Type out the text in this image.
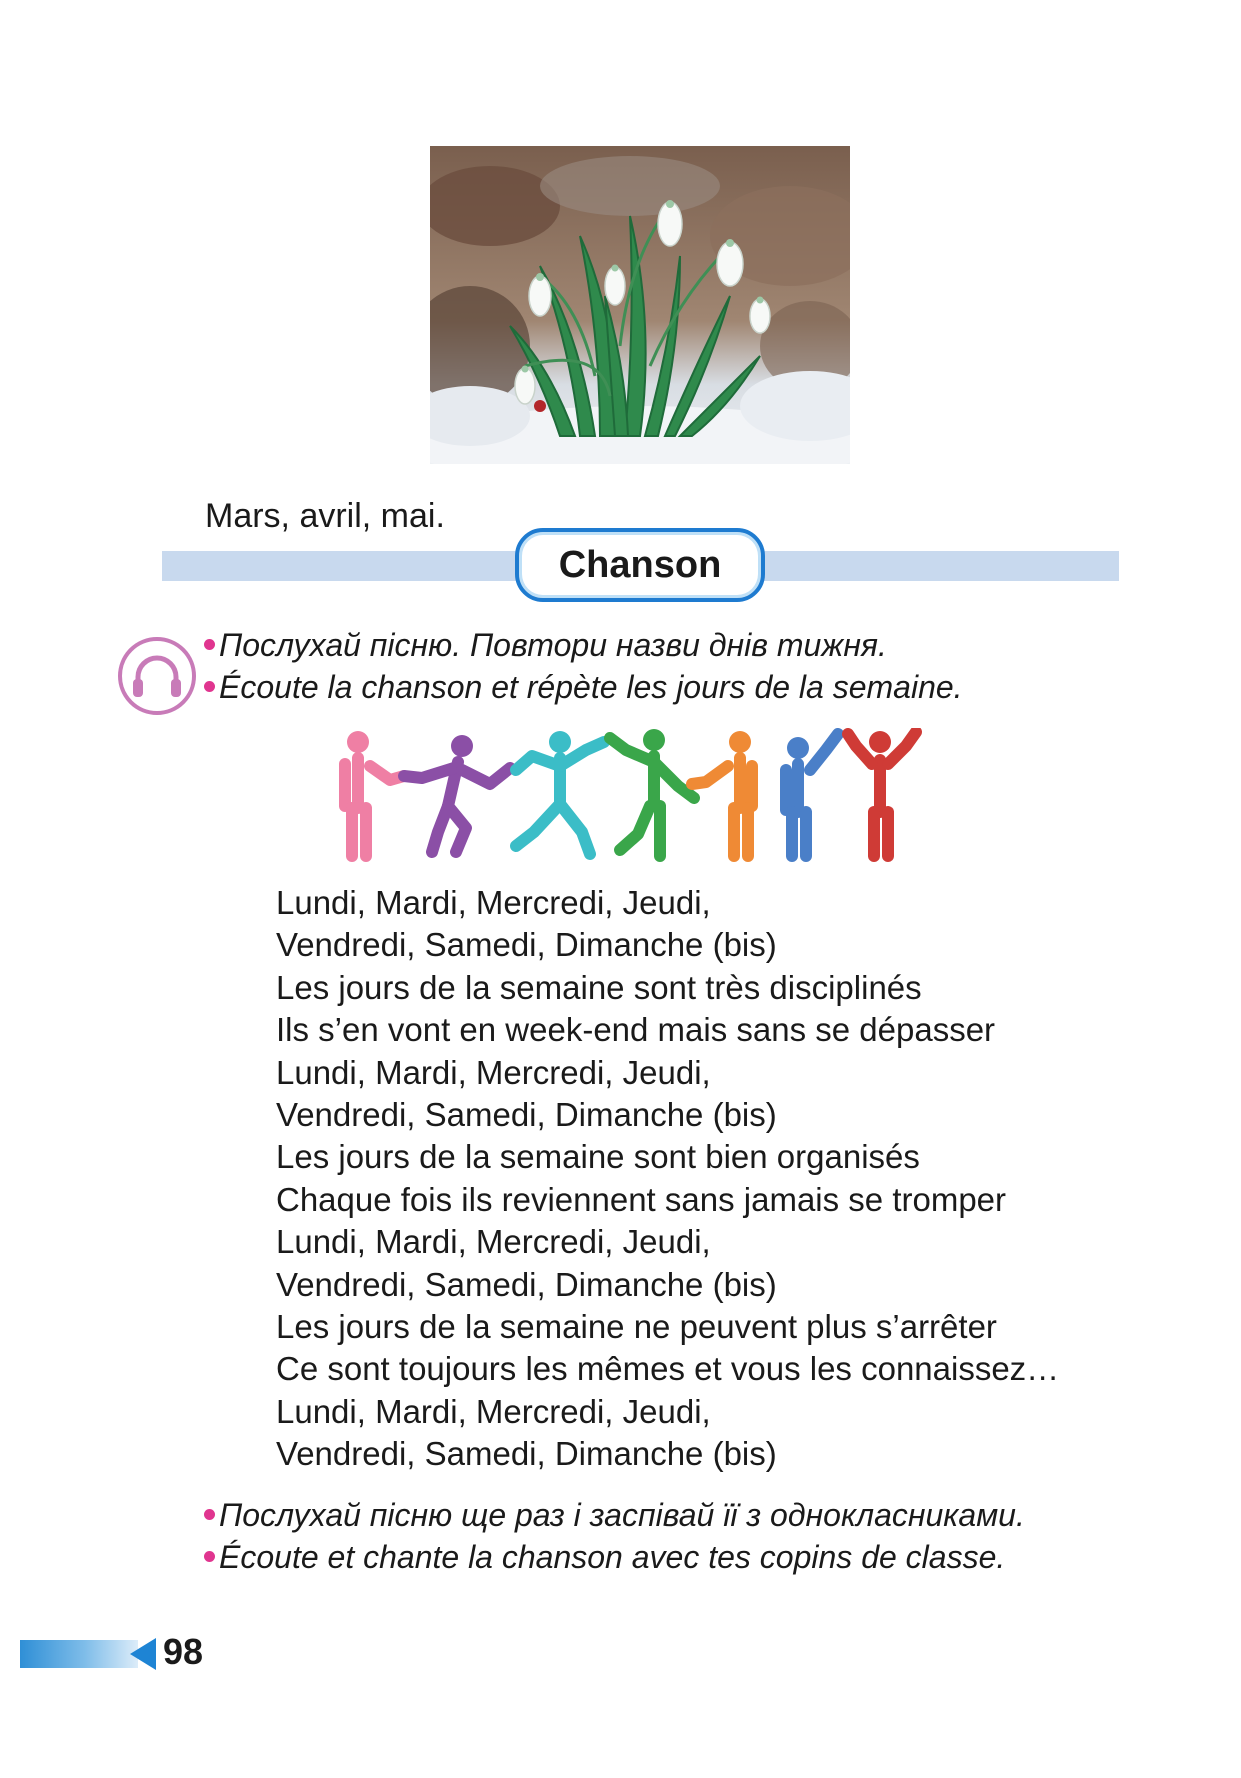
Mars, avril, mai.
Chanson
Послухай пісню. Повтори назви днів тижня.
Écoute la chanson et répète les jours de la semaine.
Lundi, Mardi, Mercredi, Jeudi,
Vendredi, Samedi, Dimanche (bis)
Les jours de la semaine sont très disciplinés
Ils s’en vont en week-end mais sans se dépasser
Lundi, Mardi, Mercredi, Jeudi,
Vendredi, Samedi, Dimanche (bis)
Les jours de la semaine sont bien organisés
Chaque fois ils reviennent sans jamais se tromper
Lundi, Mardi, Mercredi, Jeudi,
Vendredi, Samedi, Dimanche (bis)
Les jours de la semaine ne peuvent plus s’arrêter
Ce sont toujours les mêmes et vous les connaissez…
Lundi, Mardi, Mercredi, Jeudi,
Vendredi, Samedi, Dimanche (bis)
Послухай пісню ще раз і заспівай її з однокласниками.
Écoute et chante la chanson avec tes copins de classe.
98
